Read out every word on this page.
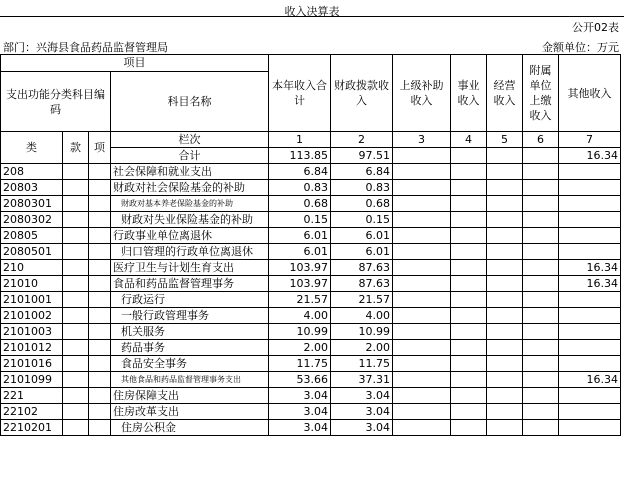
收入决算表
公开02表
部门：兴海县食品药品监督管理局	金额单位：万元
项目				本年收入合计	财政拨款收入	上级补助收入	事业收入	经营收入	附属单位上缴收入	其他收入
支出功能分类科目编码			科目名称							

类	款	项	栏次	1	2	3	4	5	6	7
			合计	113.85	97.51					16.34
208			社会保障和就业支出	6.84	6.84					
20803			财政对社会保险基金的补助	0.83	0.83					
2080301			财政对基本养老保险基金的补助	0.68	0.68					
2080302			财政对失业保险基金的补助	0.15	0.15					
20805			行政事业单位离退休	6.01	6.01					
2080501			归口管理的行政单位离退休	6.01	6.01					
210			医疗卫生与计划生育支出	103.97	87.63					16.34
21010			食品和药品监督管理事务	103.97	87.63					16.34
2101001			行政运行	21.57	21.57					
2101002			一般行政管理事务	4.00	4.00					
2101003			机关服务	10.99	10.99					
2101012			药品事务	2.00	2.00					
2101016			食品安全事务	11.75	11.75					
2101099			其他食品和药品监督管理事务支出	53.66	37.31					16.34
221			住房保障支出	3.04	3.04					
22102			住房改革支出	3.04	3.04					
2210201			住房公积金	3.04	3.04					
